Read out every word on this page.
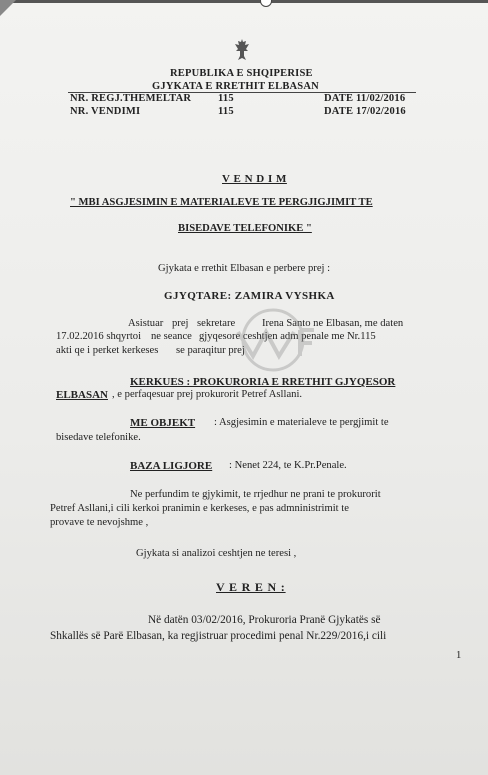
REPUBLIKA E SHQIPERISE
GJYKATA E RRETHIT ELBASAN
NR. REGJ.THEMELTAR	115	DATE 11/02/2016
NR. VENDIMI	115	DATE 17/02/2016
V E N D I M
" MBI ASGJESIMIN E MATERIALEVE TE PERGJIGJIMIT TE
BISEDAVE TELEFONIKE "
Gjykata e rrethit Elbasan e perbere prej :
GJYQTARE: ZAMIRA VYSHKA
Asistuar prej sekretare	Irena Santo ne Elbasan, me daten
17.02.2016 shqyrtoi ne seance gjyqesore ceshtjen adm penale me Nr.115
akti qe i perket kerkeses se paraqitur prej
KERKUES : PROKURORIA E RRETHIT GJYQESOR
ELBASAN , e perfaqesuar prej prokurorit Petref Asllani.
ME OBJEKT : Asgjesimin e materialeve te pergjimit te
bisedave telefonike.
BAZA LIGJORE : Nenet 224, te K.Pr.Penale.
Ne perfundim te gjykimit, te rrjedhur ne prani te prokurorit
Petref Asllani,i cili kerkoi pranimin e kerkeses, e pas admninistrimit te
provave te nevojshme ,
Gjykata si analizoi ceshtjen ne teresi ,
V E R E N :
Në datën 03/02/2016, Prokuroria Pranë Gjykatës së
Shkallës së Parë Elbasan, ka regjistruar procedimi penal Nr.229/2016,i cili
1
